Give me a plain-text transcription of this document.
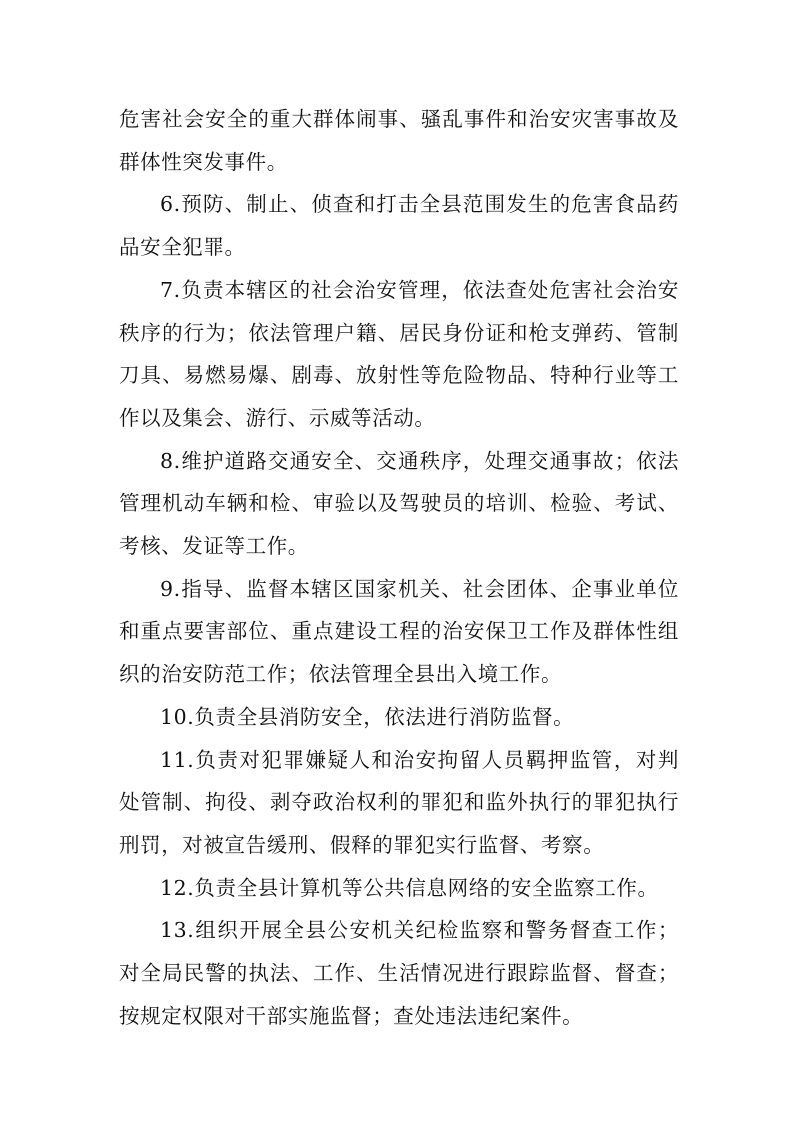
危害社会安全的重大群体闹事、骚乱事件和治安灾害事故及群体性突发事件。

6.预防、制止、侦查和打击全县范围发生的危害食品药品安全犯罪。

7.负责本辖区的社会治安管理，依法查处危害社会治安秩序的行为；依法管理户籍、居民身份证和枪支弹药、管制刀具、易燃易爆、剧毒、放射性等危险物品、特种行业等工作以及集会、游行、示威等活动。

8.维护道路交通安全、交通秩序，处理交通事故；依法管理机动车辆和检、审验以及驾驶员的培训、检验、考试、考核、发证等工作。

9.指导、监督本辖区国家机关、社会团体、企事业单位和重点要害部位、重点建设工程的治安保卫工作及群体性组织的治安防范工作；依法管理全县出入境工作。

10.负责全县消防安全，依法进行消防监督。

11.负责对犯罪嫌疑人和治安拘留人员羁押监管，对判处管制、拘役、剥夺政治权利的罪犯和监外执行的罪犯执行刑罚，对被宣告缓刑、假释的罪犯实行监督、考察。

12.负责全县计算机等公共信息网络的安全监察工作。

13.组织开展全县公安机关纪检监察和警务督查工作；对全局民警的执法、工作、生活情况进行跟踪监督、督查；按规定权限对干部实施监督；查处违法违纪案件。
